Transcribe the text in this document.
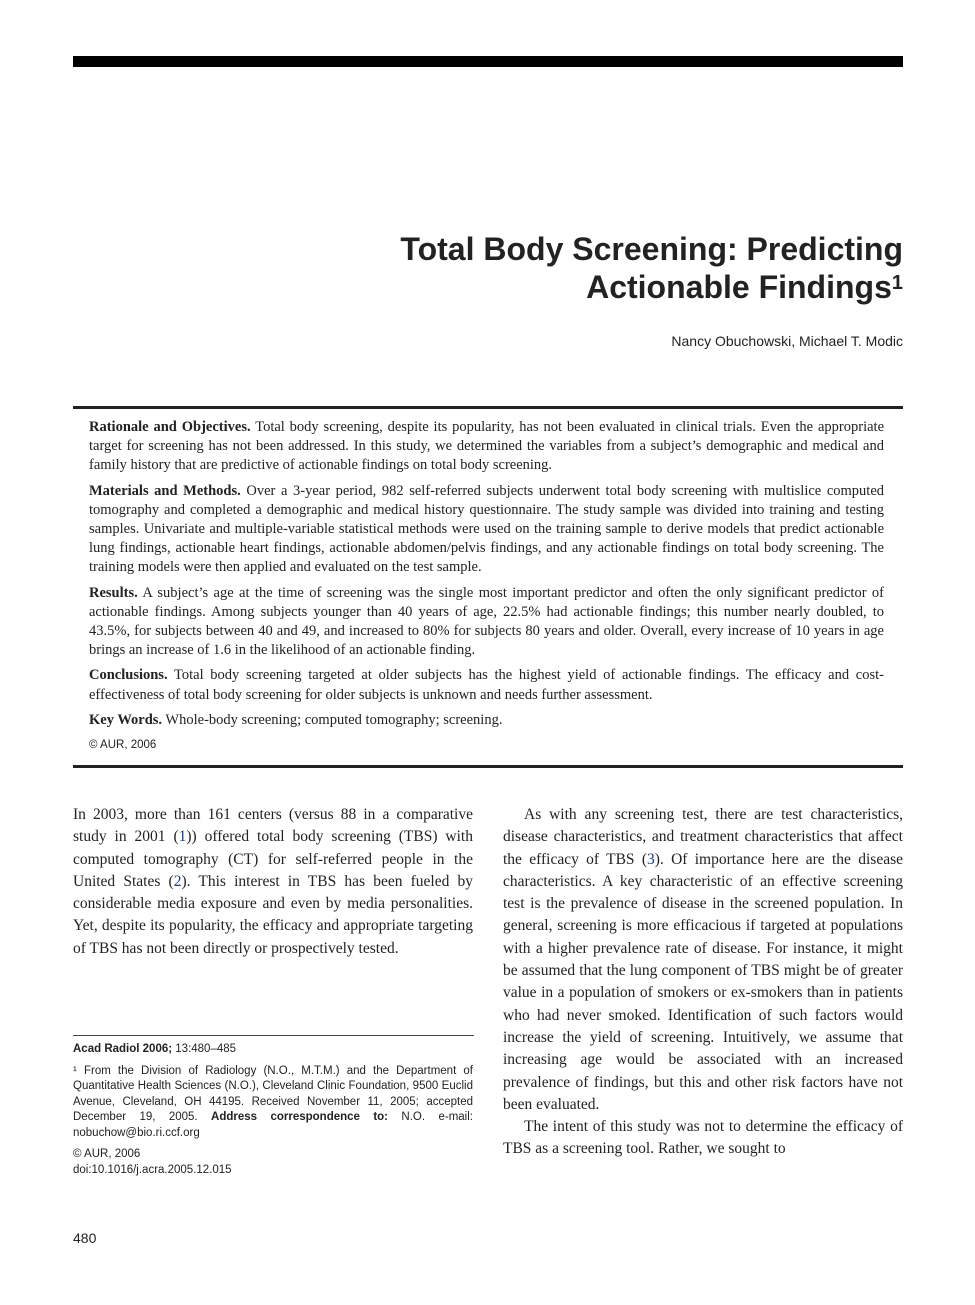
Total Body Screening: Predicting Actionable Findings$^1$
Nancy Obuchowski, Michael T. Modic

Rationale and Objectives. Total body screening, despite its popularity, has not been evaluated in clinical trials. Even the appropriate target for screening has not been addressed. In this study, we determined the variables from a subject’s demographic and medical and family history that are predictive of actionable findings on total body screening.

Materials and Methods. Over a 3-year period, 982 self-referred subjects underwent total body screening with multislice computed tomography and completed a demographic and medical history questionnaire. The study sample was divided into training and testing samples. Univariate and multiple-variable statistical methods were used on the training sample to derive models that predict actionable lung findings, actionable heart findings, actionable abdomen/pelvis findings, and any actionable findings on total body screening. The training models were then applied and evaluated on the test sample.

Results. A subject’s age at the time of screening was the single most important predictor and often the only significant predictor of actionable findings. Among subjects younger than 40 years of age, 22.5% had actionable findings; this number nearly doubled, to 43.5%, for subjects between 40 and 49, and increased to 80% for subjects 80 years and older. Overall, every increase of 10 years in age brings an increase of 1.6 in the likelihood of an actionable finding.

Conclusions. Total body screening targeted at older subjects has the highest yield of actionable findings. The efficacy and cost-effectiveness of total body screening for older subjects is unknown and needs further assessment.

Key Words. Whole-body screening; computed tomography; screening.

© AUR, 2006

In 2003, more than 161 centers (versus 88 in a comparative study in 2001 (1)) offered total body screening (TBS) with computed tomography (CT) for self-referred people in the United States (2). This interest in TBS has been fueled by considerable media exposure and even by media personalities. Yet, despite its popularity, the efficacy and appropriate targeting of TBS has not been directly or prospectively tested.

As with any screening test, there are test characteristics, disease characteristics, and treatment characteristics that affect the efficacy of TBS (3). Of importance here are the disease characteristics. A key characteristic of an effective screening test is the prevalence of disease in the screened population. In general, screening is more efficacious if targeted at populations with a higher prevalence rate of disease. For instance, it might be assumed that the lung component of TBS might be of greater value in a population of smokers or ex-smokers than in patients who had never smoked. Identification of such factors would increase the yield of screening. Intuitively, we assume that increasing age would be associated with an increased prevalence of findings, but this and other risk factors have not been evaluated.

The intent of this study was not to determine the efficacy of TBS as a screening tool. Rather, we sought to

Acad Radiol 2006; 13:480–485

¹ From the Division of Radiology (N.O., M.T.M.) and the Department of Quantitative Health Sciences (N.O.), Cleveland Clinic Foundation, 9500 Euclid Avenue, Cleveland, OH 44195. Received November 11, 2005; accepted December 19, 2005. Address correspondence to: N.O. e-mail: nobuchow@bio.ri.ccf.org

© AUR, 2006

doi:10.1016/j.acra.2005.12.015

480
